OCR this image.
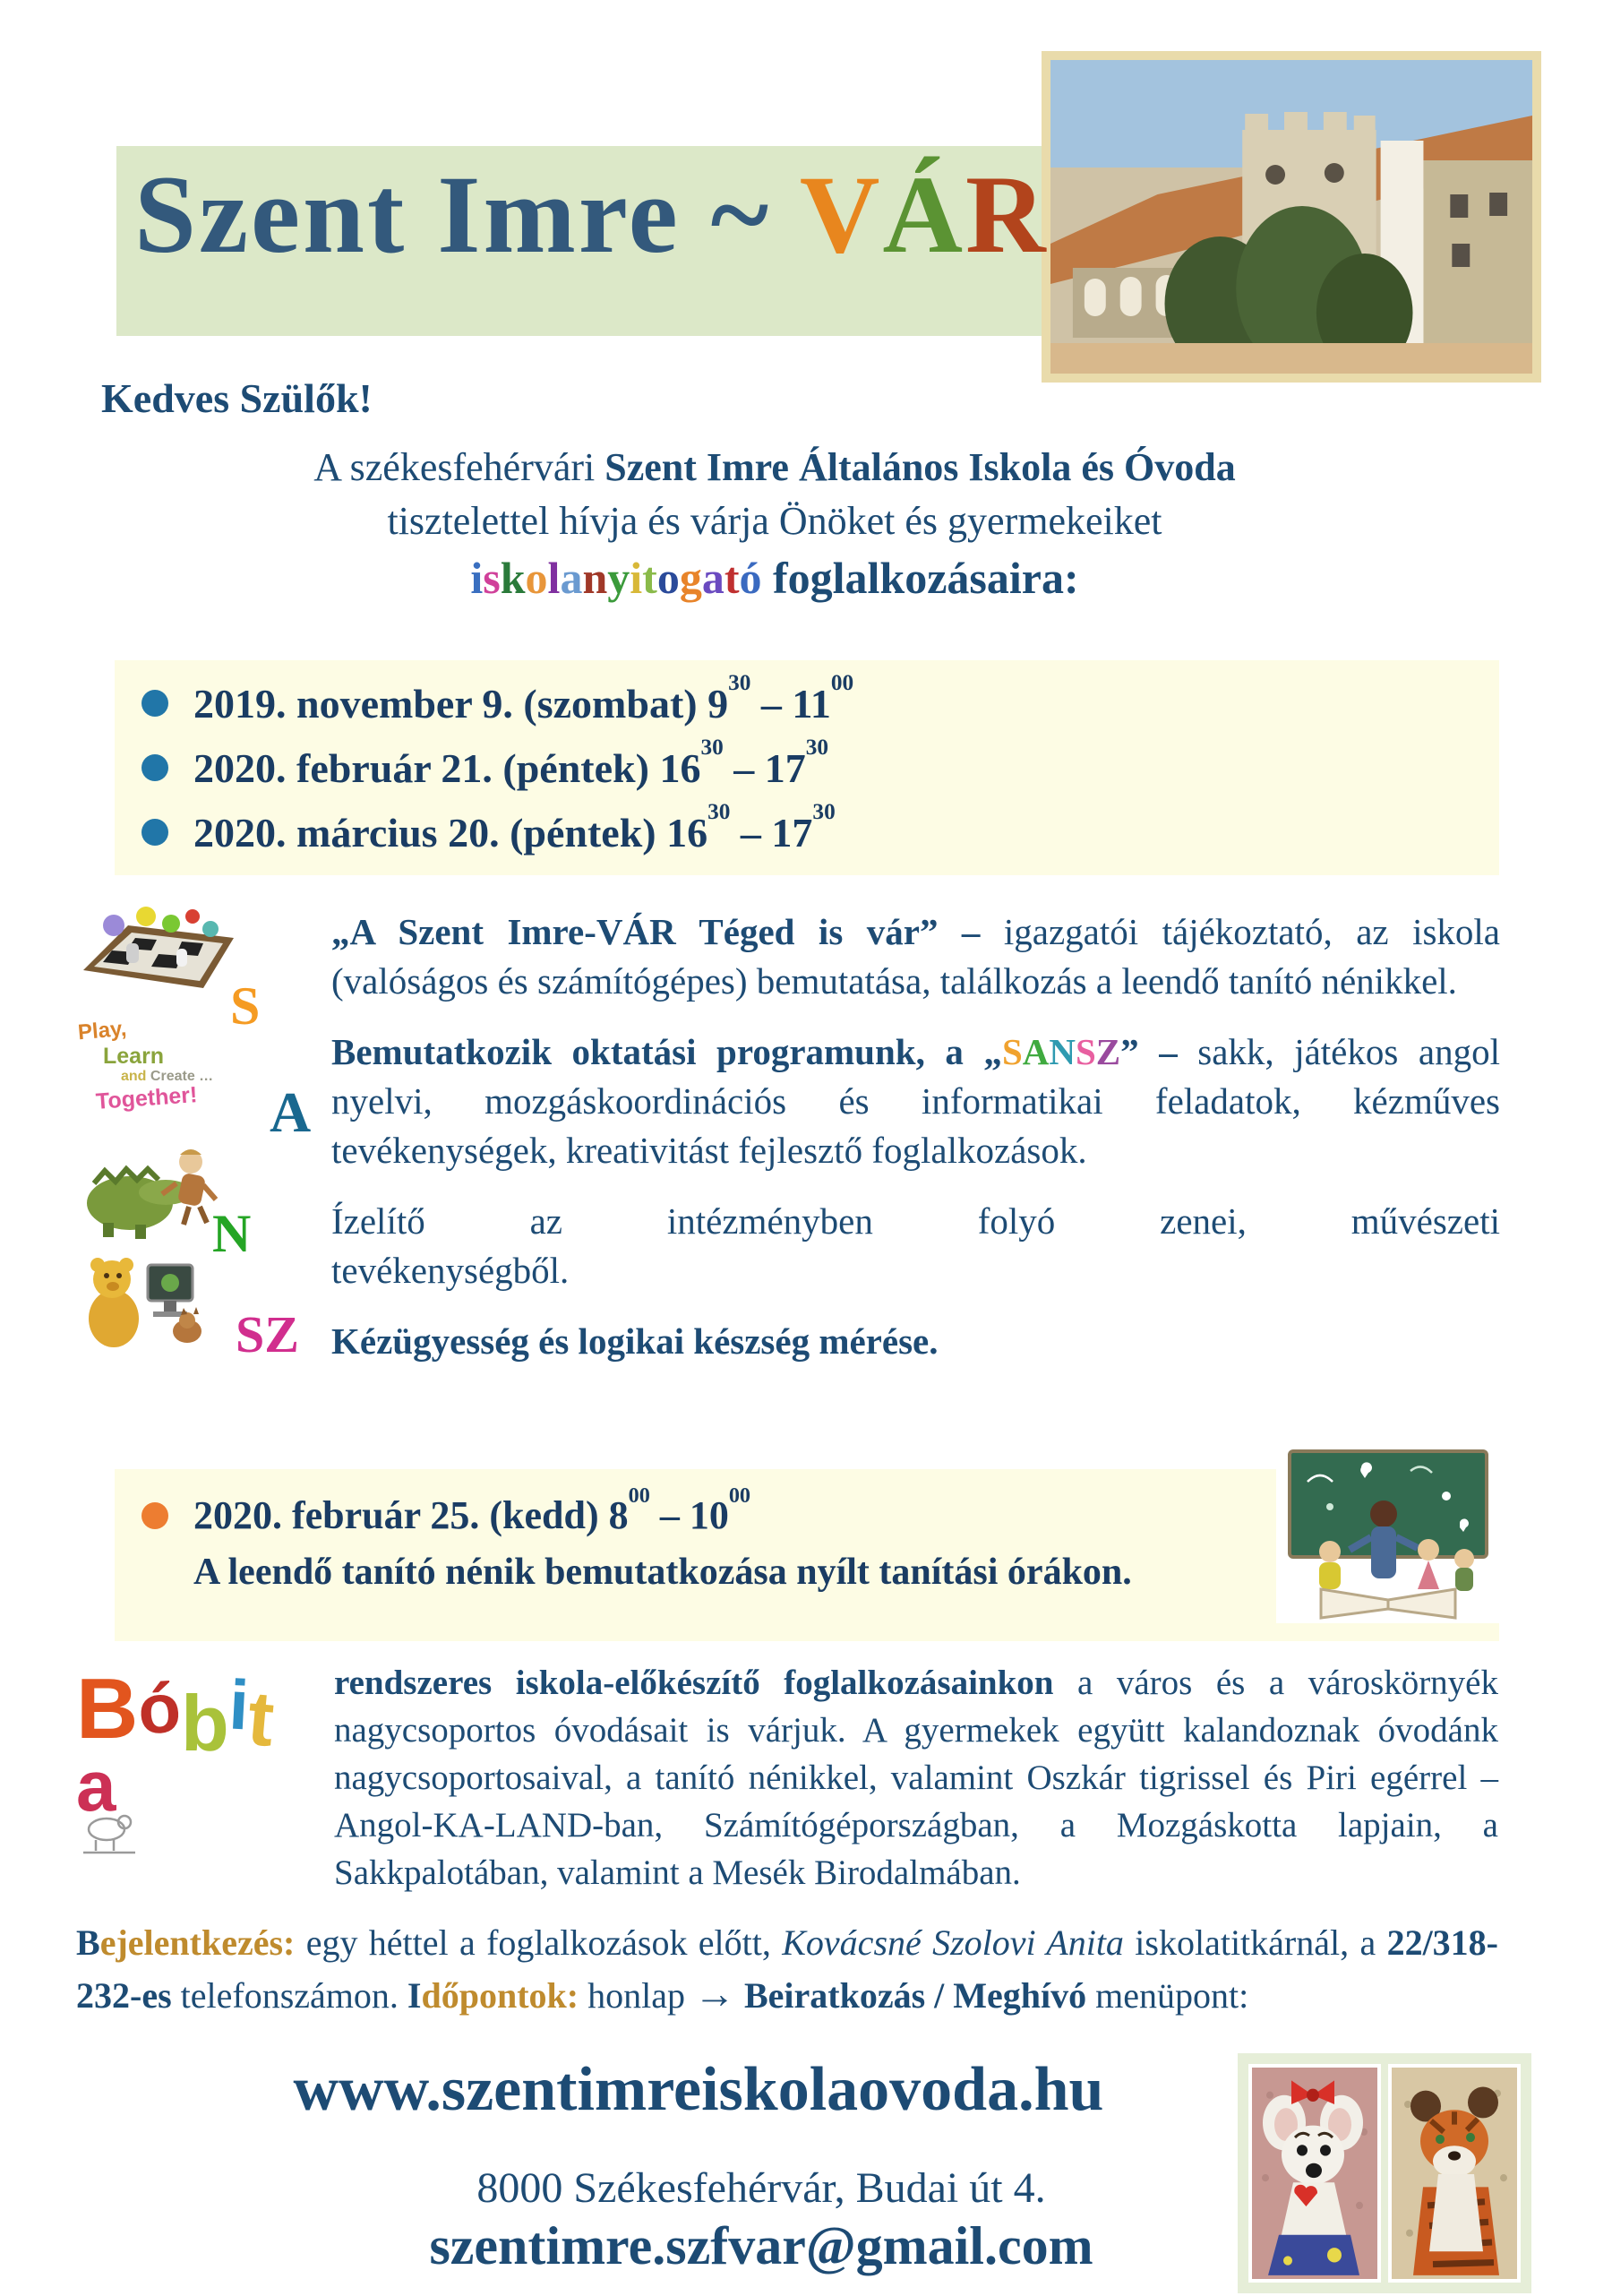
Szent Imre ~ VÁR
Kedves Szülők!
A székesfehérvári Szent Imre Általános Iskola és Óvoda
tisztelettel hívja és várja Önöket és gyermekeiket
iskolanyitogató foglalkozásaira:
2019. november 9. (szombat) $9^{30} - 11^{00}$
2020. február 21. (péntek) $16^{30} - 17^{30}$
2020. március 20. (péntek) $16^{30} - 17^{30}$
S
Play,
Learn
and Create …
Together!	A
N
SZ

„A Szent Imre-VÁR Téged is vár” – igazgatói tájékoztató, az iskola (valóságos és számítógépes) bemutatása, találkozás a leendő tanító nénikkel.

Bemutatkozik oktatási programunk, a „SANSZ” – sakk, játékos angol nyelvi, mozgáskoordinációs és informatikai feladatok, kézműves tevékenységek, kreativitást fejlesztő foglalkozások.

Ízelítő az intézményben folyó zenei, művészeti
tevékenységből.

Kézügyesség és logikai készség mérése.

2020. február 25. (kedd) $8^{00} - 10^{00}$
A leendő tanító nénik bemutatkozása nyílt tanítási órákon.
Bóbita
rendszeres iskola-előkészítő foglalkozásainkon a város és a városkörnyék nagycsoportos óvodásait is várjuk. A gyermekek együtt kalandoznak óvodánk nagycsoportosaival, a tanító nénikkel, valamint Oszkár tigrissel és Piri egérrel – Angol-KA-LAND-ban, Számítógépországban, a Mozgáskotta lapjain, a Sakkpalotában, valamint a Mesék Birodalmában.
Bejelentkezés: egy héttel a foglalkozások előtt, Kovácsné Szolovi Anita iskolatitkárnál, a 22/318-232-es telefonszámon. Időpontok: honlap → Beiratkozás / Meghívó menüpont:
www.szentimreiskolaovoda.hu
8000 Székesfehérvár, Budai út 4.
szentimre.szfvar@gmail.com
